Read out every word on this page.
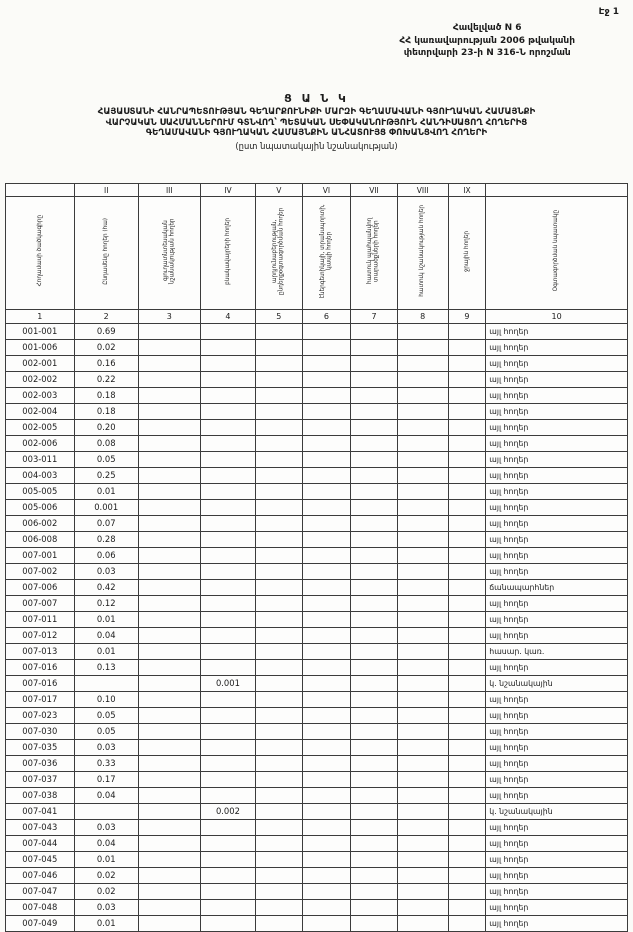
Էջ 1
Հավելված N 6
ՀՀ կառավարության 2006 թվականի
փետրվարի 23-ի N 316-Ն որոշման
Ց Ա Ն Կ
ՀԱՅԱՍՏԱՆԻ ՀԱՆՐԱՊԵՏՈՒԹՅԱՆ ԳԵՂԱՐՔՈՒՆԻՔԻ ՄԱՐԶԻ ԳԵՂԱՄԱՎԱՆԻ ԳՅՈՒՂԱԿԱՆ ՀԱՄԱՅՆՔԻ
ՎԱՐՉԱԿԱՆ ՍԱՀՄԱՆՆԵՐՈՒՄ ԳՏՆՎՈՂ՝ ՊԵՏԱԿԱՆ ՍԵՓԱԿԱՆՈՒԹՅՈՒՆ ՀԱՆԴԻՍԱՑՈՂ ՀՈՂԵՐԻՑ
ԳԵՂԱՄԱՎԱՆԻ ԳՅՈՒՂԱԿԱՆ ՀԱՄԱՅՆՔԻՆ ԱՆՀԱՏՈՒՅՑ ՓՈԽԱՆՑՎՈՂ ՀՈՂԵՐԻ
(ըստ նպատակային նշանակության)
	II	III	IV	V	VI	VII	VIII	IX	
Հողամասի ծածկագիրը	Ընդամենը հողեր (հա)	գյուղատնտեսական նշանակության հողեր	բնակավայրերի հողեր	արդյունաբերության, ընդերքօգտագործման հողեր	էներգետիկայի, տրանսպորտի, կապի հողեր	հատուկ պահպանվող տարածքների հողեր	հատուկ նշանակության հողեր	ջրային հողեր	Օգտագործման նպատակը
1	2	3	4	5	6	7	8	9	10
001-001	0.69								այլ հողեր
001-006	0.02								այլ հողեր
002-001	0.16								այլ հողեր
002-002	0.22								այլ հողեր
002-003	0.18								այլ հողեր
002-004	0.18								այլ հողեր
002-005	0.20								այլ հողեր
002-006	0.08								այլ հողեր
003-011	0.05								այլ հողեր
004-003	0.25								այլ հողեր
005-005	0.01								այլ հողեր
005-006	0.001								այլ հողեր
006-002	0.07								այլ հողեր
006-008	0.28								այլ հողեր
007-001	0.06								այլ հողեր
007-002	0.03								այլ հողեր
007-006	0.42								ճանապարհներ
007-007	0.12								այլ հողեր
007-011	0.01								այլ հողեր
007-012	0.04								այլ հողեր
007-013	0.01								հասար. կառ.
007-016	0.13								այլ հողեր
007-016			0.001						կ. նշանակային
007-017	0.10								այլ հողեր
007-023	0.05								այլ հողեր
007-030	0.05								այլ հողեր
007-035	0.03								այլ հողեր
007-036	0.33								այլ հողեր
007-037	0.17								այլ հողեր
007-038	0.04								այլ հողեր
007-041			0.002						կ. նշանակային
007-043	0.03								այլ հողեր
007-044	0.04								այլ հողեր
007-045	0.01								այլ հողեր
007-046	0.02								այլ հողեր
007-047	0.02								այլ հողեր
007-048	0.03								այլ հողեր
007-049	0.01								այլ հողեր
